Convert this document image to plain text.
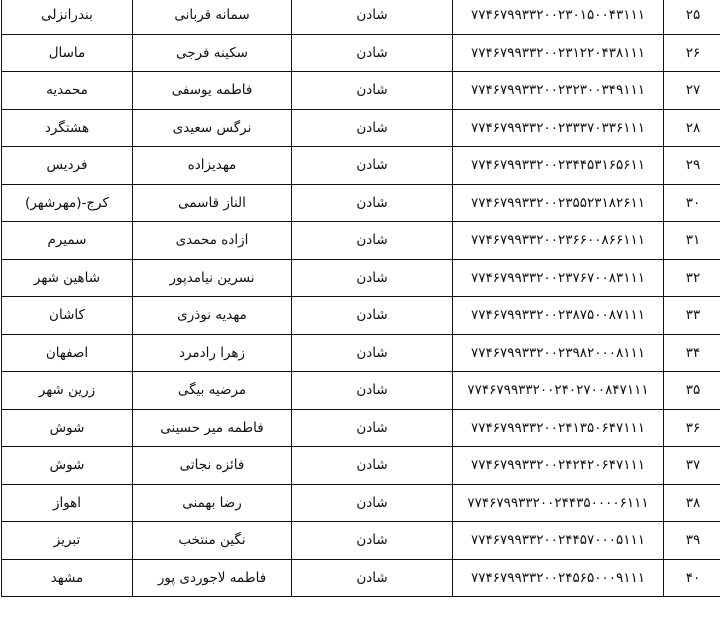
۲۵	۷۷۴۶۷۹۹۳۳۲۰۰۲۳۰۱۵۰۰۴۳۱۱۱	شادن	سمانه قربانی	بندرانزلی
۲۶	۷۷۴۶۷۹۹۳۳۲۰۰۲۳۱۲۲۰۴۳۸۱۱۱	شادن	سکینه فرجی	ماسال
۲۷	۷۷۴۶۷۹۹۳۳۲۰۰۲۳۲۳۰۰۳۴۹۱۱۱	شادن	فاطمه یوسفی	محمدیه
۲۸	۷۷۴۶۷۹۹۳۳۲۰۰۲۳۳۳۷۰۳۳۶۱۱۱	شادن	نرگس سعیدی	هشتگرد
۲۹	۷۷۴۶۷۹۹۳۳۲۰۰۲۳۴۴۵۳۱۶۵۶۱۱	شادن	مهدیزاده	فردیس
۳۰	۷۷۴۶۷۹۹۳۳۲۰۰۲۳۵۵۲۳۱۸۲۶۱۱	شادن	الناز قاسمی	کرج-(مهرشهر)
۳۱	۷۷۴۶۷۹۹۳۳۲۰۰۲۳۶۶۰۰۸۶۶۱۱۱	شادن	ازاده محمدی	سمیرم
۳۲	۷۷۴۶۷۹۹۳۳۲۰۰۲۳۷۶۷۰۰۸۳۱۱۱	شادن	نسرین نیامدپور	شاهین شهر
۳۳	۷۷۴۶۷۹۹۳۳۲۰۰۲۳۸۷۵۰۰۸۷۱۱۱	شادن	مهدیه نوذری	کاشان
۳۴	۷۷۴۶۷۹۹۳۳۲۰۰۲۳۹۸۲۰۰۰۸۱۱۱	شادن	زهرا رادمرد	اصفهان
۳۵	۷۷۴۶۷۹۹۳۳۲۰۰۲۴۰۲۷۰۰۸۴۷۱۱۱	شادن	مرضیه بیگی	زرین شهر
۳۶	۷۷۴۶۷۹۹۳۳۲۰۰۲۴۱۳۵۰۶۴۷۱۱۱	شادن	فاطمه میر حسینی	شوش
۳۷	۷۷۴۶۷۹۹۳۳۲۰۰۲۴۲۴۲۰۶۴۷۱۱۱	شادن	فائزه نجاتی	شوش
۳۸	۷۷۴۶۷۹۹۳۳۲۰۰۲۴۴۳۵۰۰۰۰۶۱۱۱	شادن	رضا بهمنی	اهواز
۳۹	۷۷۴۶۷۹۹۳۳۲۰۰۲۴۴۵۷۰۰۰۵۱۱۱	شادن	نگین منتخب	تبریز
۴۰	۷۷۴۶۷۹۹۳۳۲۰۰۲۴۵۶۵۰۰۰۹۱۱۱	شادن	فاطمه لاجوردی پور	مشهد
